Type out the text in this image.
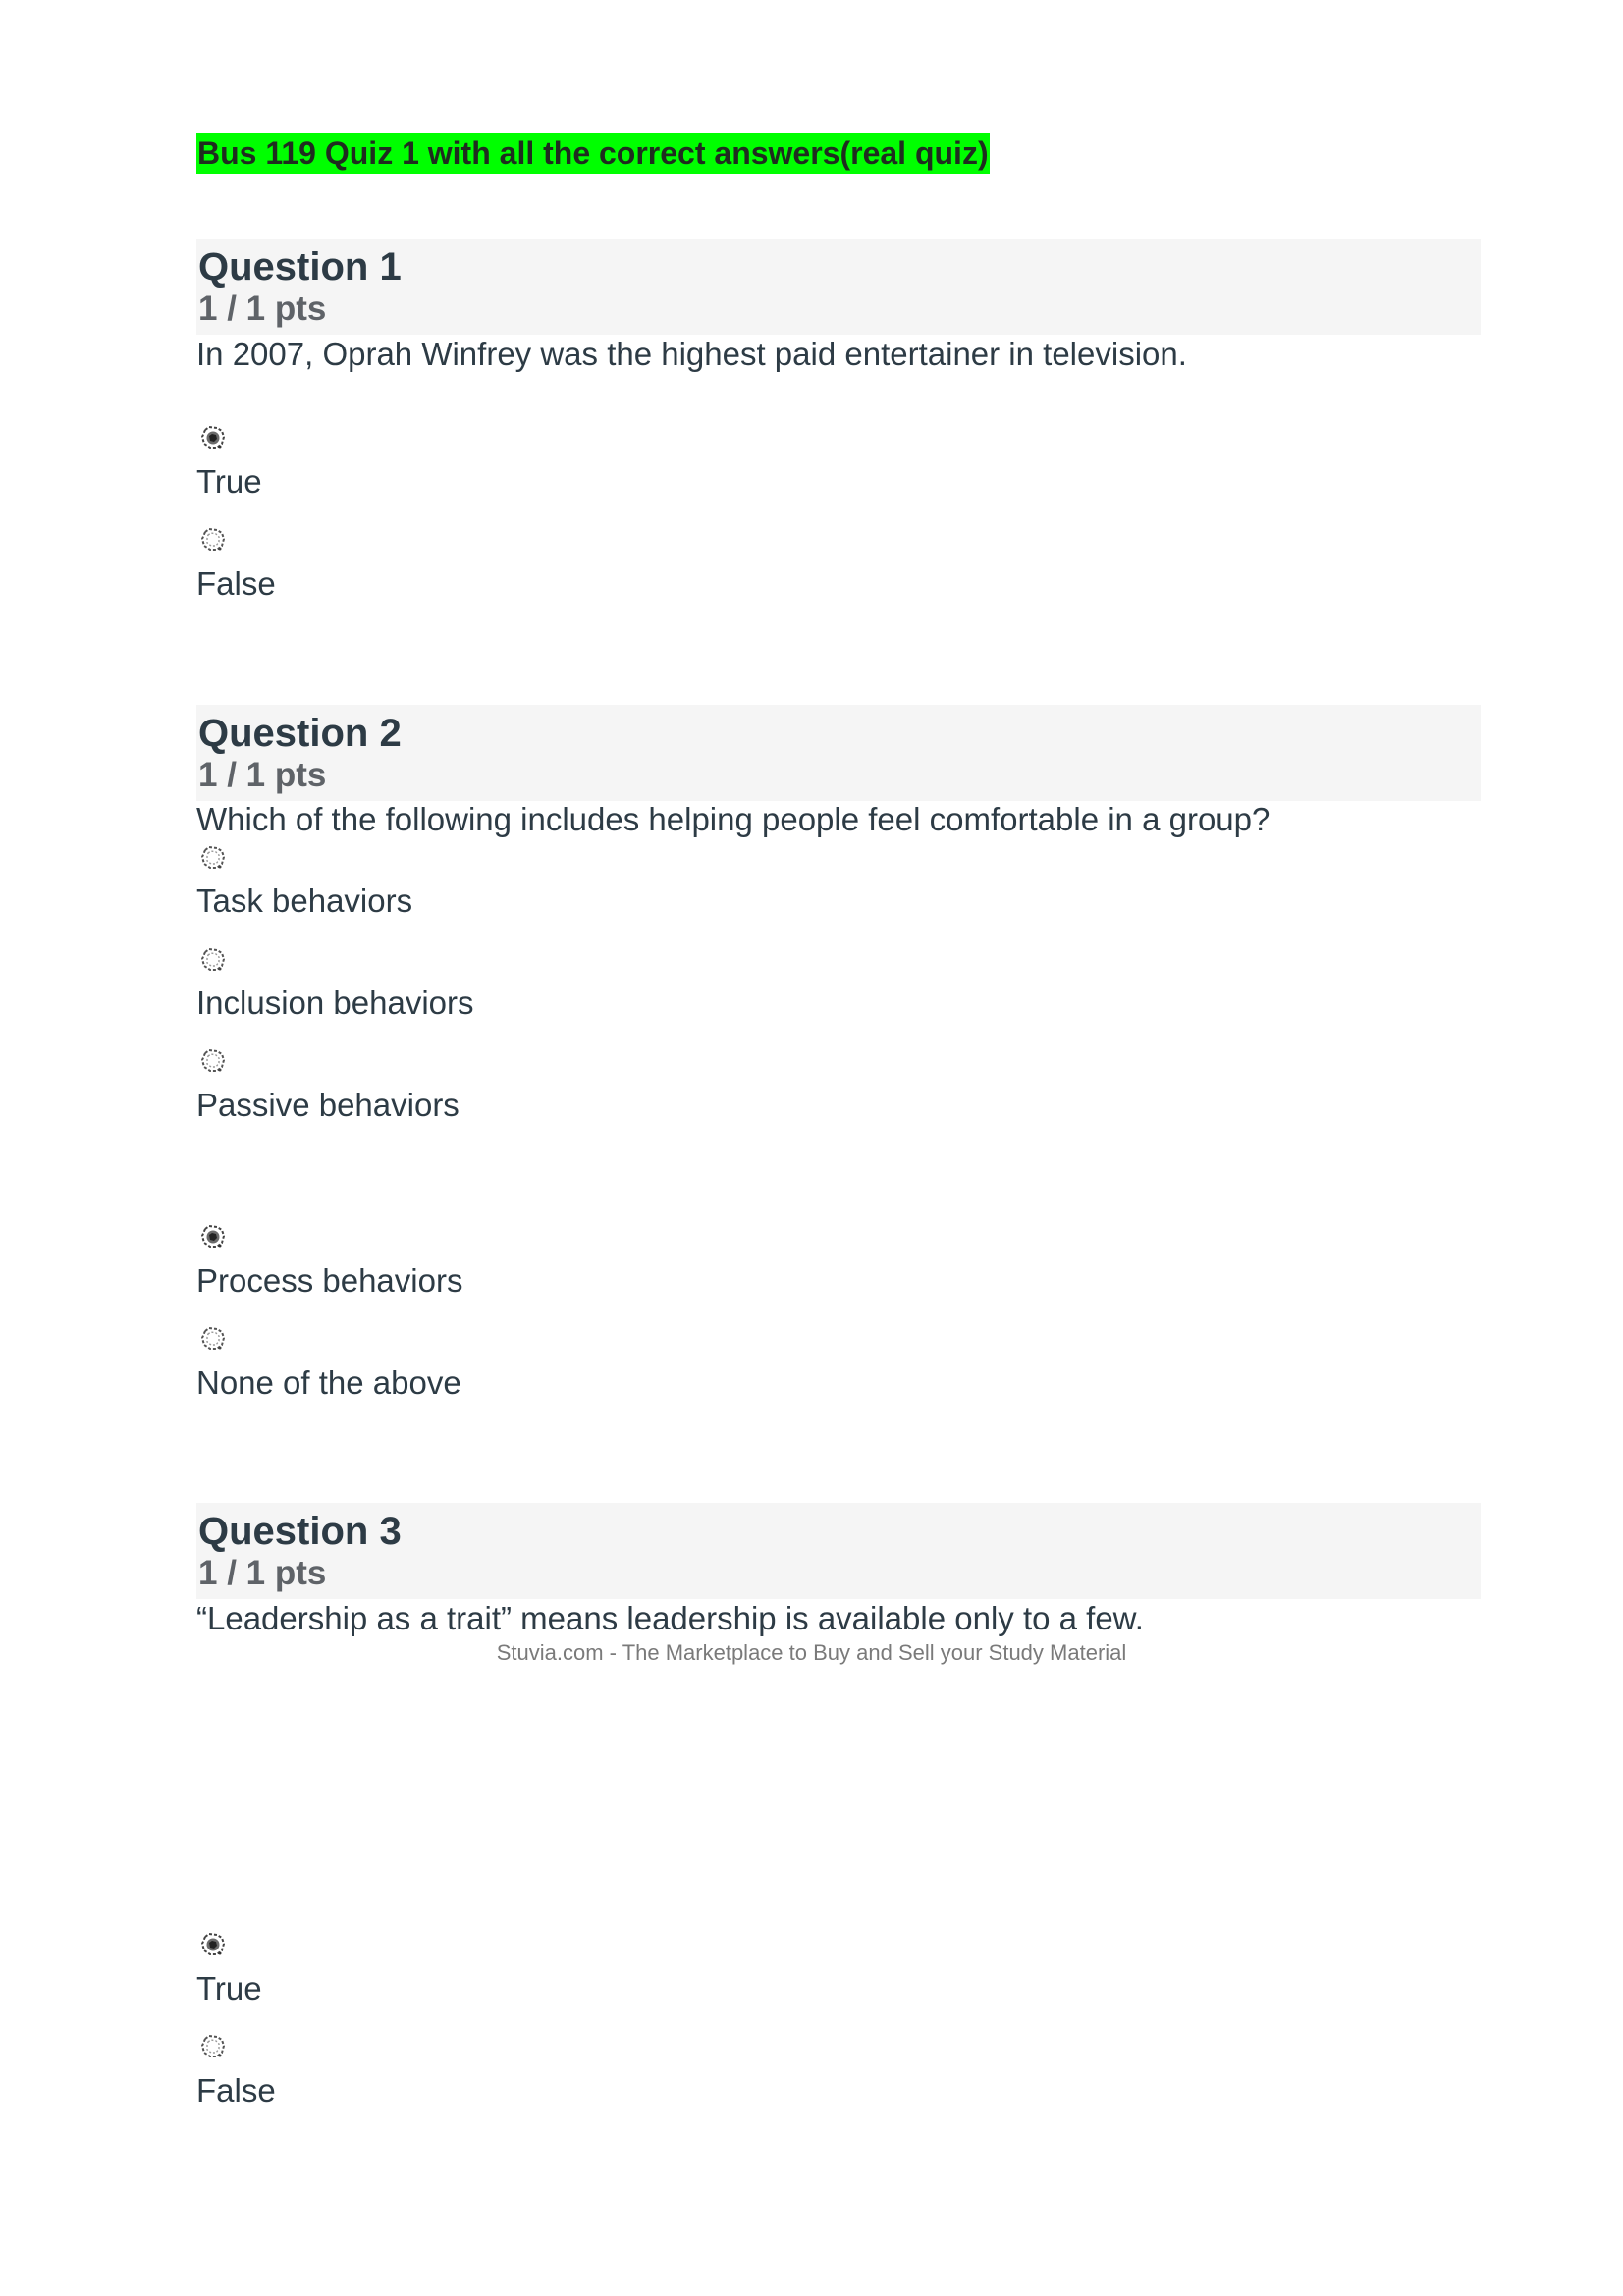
Bus 119 Quiz 1 with all the correct answers(real quiz)
Question 1
1 / 1 pts
In 2007, Oprah Winfrey was the highest paid entertainer in television.
True
False
Question 2
1 / 1 pts
Which of the following includes helping people feel comfortable in a group?
Task behaviors
Inclusion behaviors
Passive behaviors
Process behaviors
None of the above
Question 3
1 / 1 pts
“Leadership as a trait” means leadership is available only to a few.
Stuvia.com - The Marketplace to Buy and Sell your Study Material
True
False
